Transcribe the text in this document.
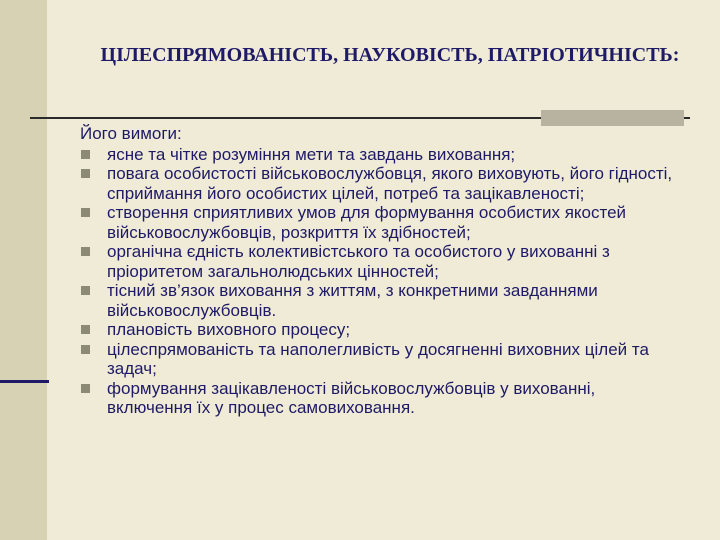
ЦІЛЕСПРЯМОВАНІСТЬ, НАУКОВІСТЬ, ПАТРІОТИЧНІСТЬ:
Його вимоги:
ясне та чітке розуміння мети та завдань виховання;
повага особистості військовослужбовця, якого виховують, його гідності, сприймання його особистих цілей, потреб та зацікавленості;
створення сприятливих умов для формування особистих якостей військовослужбовців, розкриття їх здібностей;
органічна єдність колективістського та особистого у вихованні з пріоритетом загальнолюдських цінностей;
тісний зв’язок виховання з життям, з конкретними завданнями військовослужбовців.
плановість виховного процесу;
цілеспрямованість та наполегливість у досягненні виховних цілей та задач;
формування зацікавленості військовослужбовців у вихованні, включення їх у процес самовиховання.
